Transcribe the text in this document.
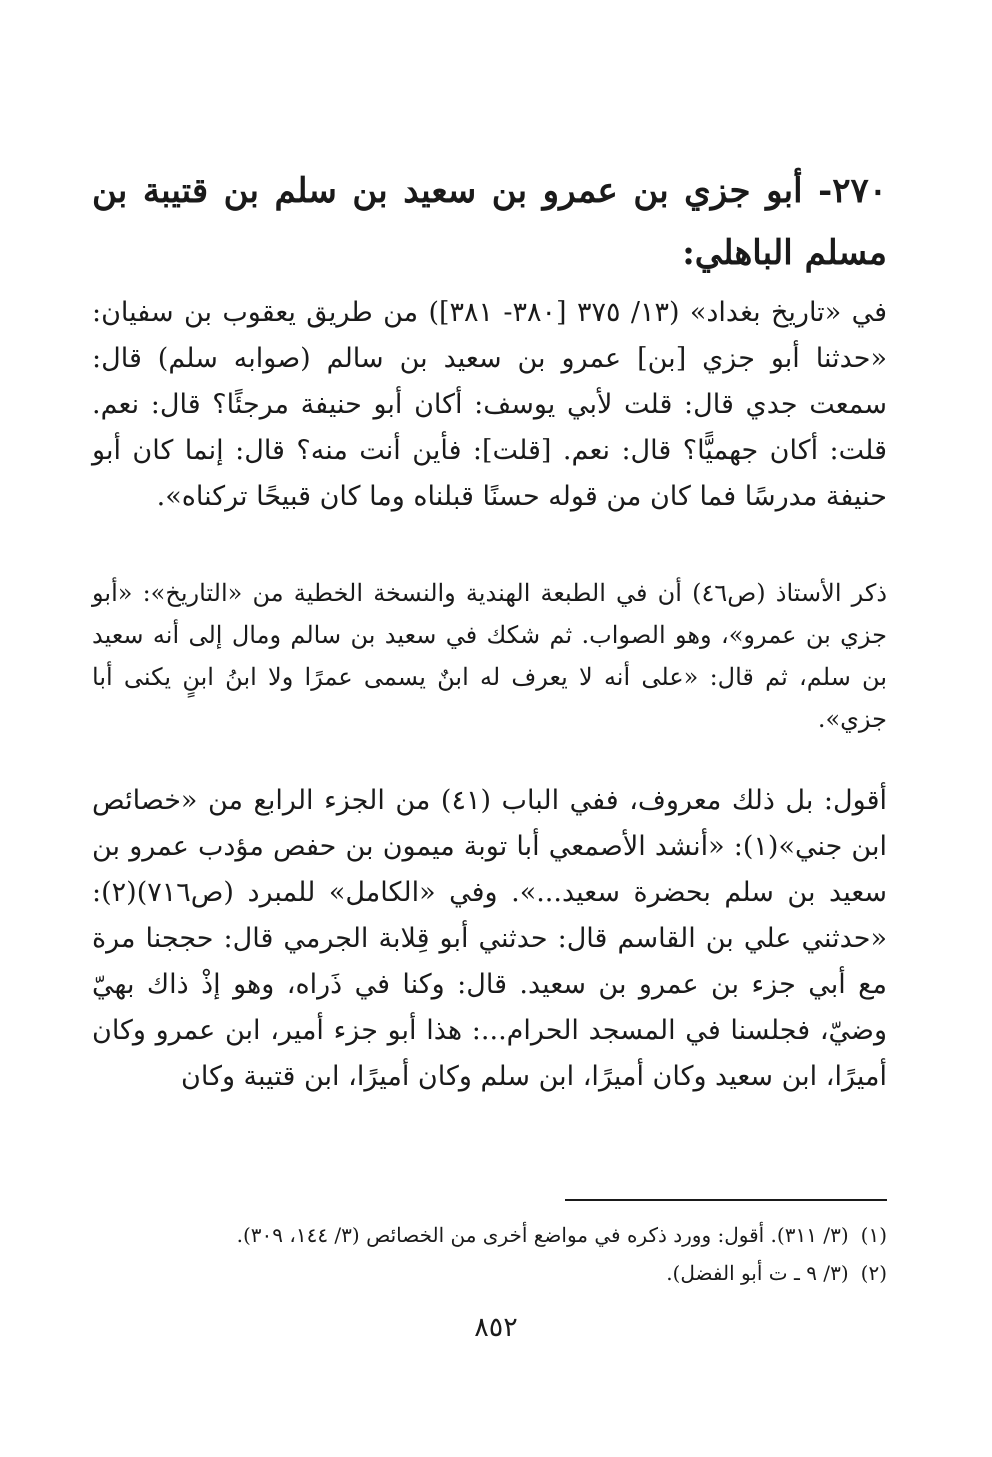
٢٧٠- أبو جزي بن عمرو بن سعيد بن سلم بن قتيبة بن مسلم الباهلي:
في «تاريخ بغداد» (١٣/ ٣٧٥ [٣٨٠- ٣٨١]) من طريق يعقوب بن سفيان: «حدثنا أبو جزي [بن] عمرو بن سعيد بن سالم (صوابه سلم) قال: سمعت جدي قال: قلت لأبي يوسف: أكان أبو حنيفة مرجئًا؟ قال: نعم. قلت: أكان جهميًّا؟ قال: نعم. [قلت]: فأين أنت منه؟ قال: إنما كان أبو حنيفة مدرسًا فما كان من قوله حسنًا قبلناه وما كان قبيحًا تركناه».
ذكر الأستاذ (ص٤٦) أن في الطبعة الهندية والنسخة الخطية من «التاريخ»: «أبو جزي بن عمرو»، وهو الصواب. ثم شكك في سعيد بن سالم ومال إلى أنه سعيد بن سلم، ثم قال: «على أنه لا يعرف له ابنٌ يسمى عمرًا ولا ابنُ ابنٍ يكنى أبا جزي».
أقول: بل ذلك معروف، ففي الباب (٤١) من الجزء الرابع من «خصائص ابن جني»(١): «أنشد الأصمعي أبا توبة ميمون بن حفص مؤدب عمرو بن سعيد بن سلم بحضرة سعيد...». وفي «الكامل» للمبرد (ص٧١٦)(٢): «حدثني علي بن القاسم قال: حدثني أبو قِلابة الجرمي قال: حججنا مرة مع أبي جزء بن عمرو بن سعيد. قال: وكنا في ذَراه، وهو إذْ ذاك بهيّ وضيّ، فجلسنا في المسجد الحرام...: هذا أبو جزء أمير، ابن عمرو وكان أميرًا، ابن سعيد وكان أميرًا، ابن سلم وكان أميرًا، ابن قتيبة وكان
(١)(٣/ ٣١١). أقول: وورد ذكره في مواضع أخرى من الخصائص (٣/ ١٤٤، ٣٠٩).
(٢)(٣/ ٩ ـ ت أبو الفضل).
٨٥٢
